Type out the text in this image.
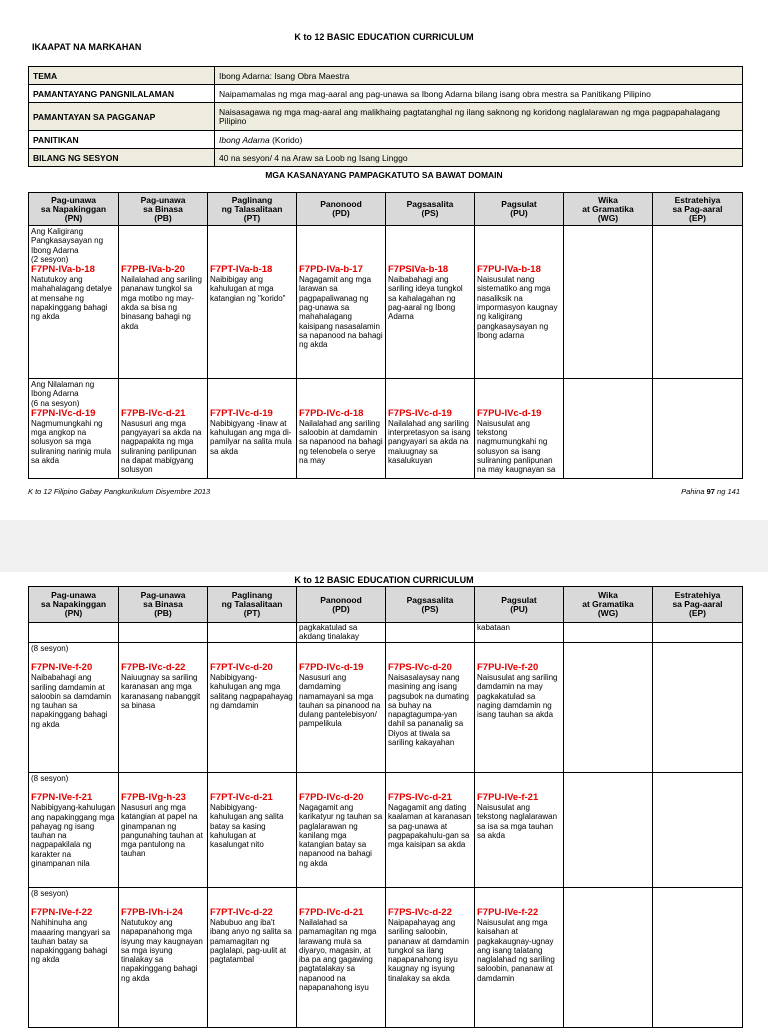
K to 12 BASIC EDUCATION CURRICULUM
IKAAPAT NA MARKAHAN
TEMA	Ibong Adarna: Isang Obra Maestra
PAMANTAYANG PANGNILALAMAN	Naipamamalas ng mga mag-aaral ang pag-unawa sa Ibong Adarna bilang isang obra mestra sa Panitikang Pilipino
PAMANTAYAN SA PAGGANAP	Naisasagawa ng mga mag-aaral ang malikhaing pagtatanghal ng ilang saknong ng koridong naglalarawan ng mga pagpapahalagang Pilipino
PANITIKAN	Ibong Adarna (Korido)
BILANG NG SESYON	40 na sesyon/ 4 na Araw sa Loob ng Isang Linggo
MGA KASANAYANG PAMPAGKATUTO SA BAWAT DOMAIN
Pag-unawa
sa Napakinggan
(PN)	Pag-unawa
sa Binasa
(PB)	Paglinang
ng Talasalitaan
(PT)	Panonood
(PD)	Pagsasalita
(PS)	Pagsulat
(PU)	Wika
at Gramatika
(WG)	Estratehiya
sa Pag-aaral
(EP)

Ang Kaligirang Pangkasaysayan ng Ibong Adarna
(2 sesyon)
F7PN-IVa-b-18
Natutukoy ang mahahalagang detalye at mensahe ng napakinggang bahagi ng akda	F7PB-IVa-b-20
Nailalahad ang sariling pananaw tungkol sa mga motibo ng may-akda sa bisa ng binasang bahagi ng akda	F7PT-IVa-b-18
Naibibigay ang kahulugan at mga katangian ng "korido"	F7PD-IVa-b-17
Nagagamit ang mga larawan sa pagpapaliwanag ng pag-unawa sa mahahalagang kaisipang nasasalamin sa napanood na bahagi ng akda	F7PSIVa-b-18
Naibabahagi ang sariling ideya tungkol sa kahalagahan ng pag-aaral ng Ibong Adarna	F7PU-IVa-b-18
Naisusulat nang sistematiko ang mga nasaliksik na impormasyon kaugnay ng kaligirang pangkasaysayan ng Ibong adarna		

Ang Nilalaman ng Ibong Adarna
(6 na sesyon)
F7PN-IVc-d-19
Nagmumungkahi ng mga angkop na solusyon sa mga suliraning narinig mula sa akda	F7PB-IVc-d-21
Nasusuri ang mga pangyayari sa akda na nagpapakita ng mga suliraning panlipunan na dapat mabigyang solusyon	F7PT-IVc-d-19
Nabibigyang -linaw at kahulugan ang mga di-pamilyar na salita mula sa akda	F7PD-IVc-d-18
Nailalahad ang sariling saloobin at damdamin sa napanood na bahagi ng telenobela o serye na may	F7PS-IVc-d-19
Nailalahad ang sariling interpretasyon sa isang pangyayari sa akda na maiuugnay sa kasalukuyan	F7PU-IVc-d-19
Naisusulat ang tekstong nagmumungkahi ng solusyon sa isang suliraning panlipunan na may kaugnayan sa		

K to 12 Filipino Gabay Pangkurikulum Disyembre 2013	Pahina 97 ng 141
K to 12 BASIC EDUCATION CURRICULUM
Pag-unawa
sa Napakinggan
(PN)	Pag-unawa
sa Binasa
(PB)	Paglinang
ng Talasalitaan
(PT)	Panonood
(PD)	Pagsasalita
(PS)	Pagsulat
(PU)	Wika
at Gramatika
(WG)	Estratehiya
sa Pag-aaral
(EP)
			pagkakatulad sa akdang tinalakay		kabataan		

(8 sesyon)
F7PN-IVe-f-20
Naibabahagi ang sariling damdamin at saloobin sa damdamin ng tauhan sa napakinggang bahagi ng akda	F7PB-IVc-d-22
Naiuugnay sa sariling karanasan ang mga karanasang nabanggit sa binasa	F7PT-IVc-d-20
Nabibigyang-kahulugan ang mga salitang nagpapahayag ng damdamin	F7PD-IVc-d-19
Nasusuri ang damdaming namamayani sa mga tauhan sa pinanood na dulang pantelebisyon/ pampelikula	F7PS-IVc-d-20
Naisasalaysay nang masining ang isang pagsubok na dumating sa buhay na napagtagumpa-yan dahil sa pananalig sa Diyos at tiwala sa sariling kakayahan	F7PU-IVe-f-20
Naisusulat ang sariling damdamin na may pagkakatulad sa naging damdamin ng isang tauhan sa akda		

(8 sesyon)
F7PN-IVe-f-21
Nabibigyang-kahulugan ang napakinggang mga pahayag ng isang tauhan na nagpapakilala ng karakter na ginampanan nila	F7PB-IVg-h-23
Nasusuri ang mga katangian at papel na ginampanan ng pangunahing tauhan at mga pantulong na tauhan	F7PT-IVc-d-21
Nabibigyang-kahulugan ang salita batay sa kasing kahulugan at kasalungat nito	F7PD-IVc-d-20
Nagagamit ang karikatyur ng tauhan sa paglalarawan ng kanilang mga katangian batay sa napanood na bahagi ng akda	F7PS-IVc-d-21
Nagagamit ang dating kaalaman at karanasan sa pag-unawa at pagpapakahulu-gan sa mga kaisipan sa akda	F7PU-IVe-f-21
Naisusulat ang tekstong naglalarawan sa isa sa mga tauhan sa akda		

(8 sesyon)
F7PN-IVe-f-22
Nahihinuha ang maaaring mangyari sa tauhan batay sa napakinggang bahagi ng akda	F7PB-IVh-i-24
Natutukoy ang napapanahong mga isyung may kaugnayan sa mga isyung tinalakay sa napakinggang bahagi ng akda	F7PT-IVc-d-22
Nabubuo ang iba't ibang anyo ng salita sa pamamagitan ng paglalapi, pag-uulit at pagtatambal	F7PD-IVc-d-21
Nailalahad sa pamamagitan ng mga larawang mula sa diyaryo, magasin, at iba pa ang gagawing pagtatalakay sa napanood na napapanahong isyu	F7PS-IVc-d-22
Naipapahayag ang sariling saloobin, pananaw at damdamin tungkol sa ilang napapanahong isyu kaugnay ng isyung tinalakay sa akda	F7PU-IVe-f-22
Naisusulat ang mga kaisahan at pagkakaugnay-ugnay ang isang talatang naglalahad ng sariling saloobin, pananaw at damdamin		
